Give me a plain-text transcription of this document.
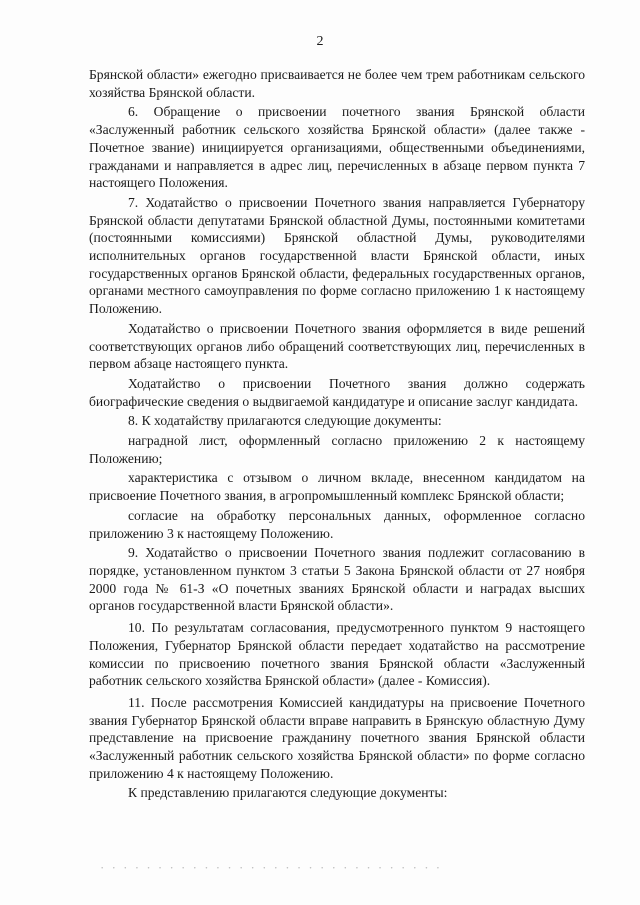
2

Брянской области» ежегодно присваивается не более чем трем работникам сельского хозяйства Брянской области.

6. Обращение о присвоении почетного звания Брянской области «Заслуженный работник сельского хозяйства Брянской области» (далее также - Почетное звание) инициируется организациями, общественными объединениями, гражданами и направляется в адрес лиц, перечисленных в абзаце первом пункта 7 настоящего Положения.

7. Ходатайство о присвоении Почетного звания направляется Губернатору Брянской области депутатами Брянской областной Думы, постоянными комитетами (постоянными комиссиями) Брянской областной Думы, руководителями исполнительных органов государственной власти Брянской области, иных государственных органов Брянской области, федеральных государственных органов, органами местного самоуправления по форме согласно приложению 1 к настоящему Положению.

Ходатайство о присвоении Почетного звания оформляется в виде решений соответствующих органов либо обращений соответствующих лиц, перечисленных в первом абзаце настоящего пункта.

Ходатайство о присвоении Почетного звания должно содержать биографические сведения о выдвигаемой кандидатуре и описание заслуг кандидата.

8. К ходатайству прилагаются следующие документы:

наградной лист, оформленный согласно приложению 2 к настоящему Положению;

характеристика с отзывом о личном вкладе, внесенном кандидатом на присвоение Почетного звания, в агропромышленный комплекс Брянской области;

согласие на обработку персональных данных, оформленное согласно приложению 3 к настоящему Положению.

9. Ходатайство о присвоении Почетного звания подлежит согласованию в порядке, установленном пунктом 3 статьи 5 Закона Брянской области от 27 ноября 2000 года № 61-З «О почетных званиях Брянской области и наградах высших органов государственной власти Брянской области».

10. По результатам согласования, предусмотренного пунктом 9 настоящего Положения, Губернатор Брянской области передает ходатайство на рассмотрение комиссии по присвоению почетного звания Брянской области «Заслуженный работник сельского хозяйства Брянской области» (далее - Комиссия).

11. После рассмотрения Комиссией кандидатуры на присвоение Почетного звания Губернатор Брянской области вправе направить в Брянскую областную Думу представление на присвоение гражданину почетного звания Брянской области «Заслуженный работник сельского хозяйства Брянской области» по форме согласно приложению 4 к настоящему Положению.

К представлению прилагаются следующие документы:

· · · · · · · · · · · · · · · · · · · · · · · · · · · · · ·
